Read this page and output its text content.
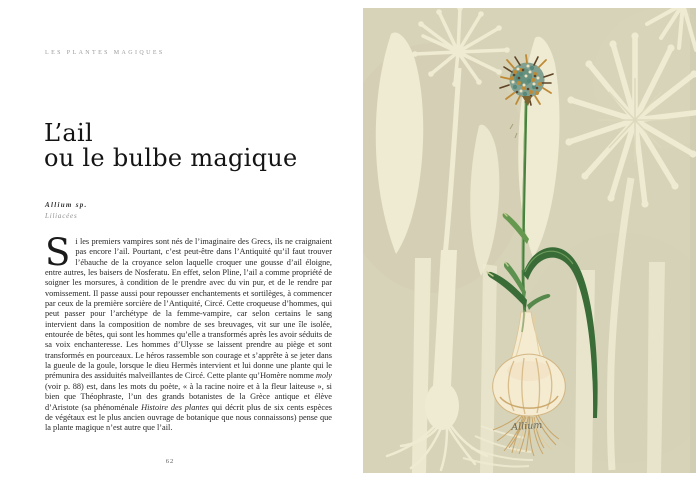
LES PLANTES MAGIQUES
L’ail
ou le bulbe magique
Allium sp.
Liliacées

Si les premiers vampires sont nés de l’imaginaire des Grecs, ils ne craignaient pas encore l’ail. Pourtant, c’est peut-être dans l’Antiquité qu’il faut trouver l’ébauche de la croyance selon laquelle croquer une gousse d’ail éloigne, entre autres, les baisers de Nosferatu. En effet, selon Pline, l’ail a comme propriété de soigner les morsures, à condition de le prendre avec du vin pur, et de le rendre par vomissement. Il passe aussi pour repousser enchantements et sortilèges, à commencer par ceux de la première sorcière de l’Antiquité, Circé. Cette croqueuse d’hommes, qui peut passer pour l’archétype de la femme-vampire, car selon certains le sang intervient dans la composition de nombre de ses breuvages, vit sur une île isolée, entourée de bêtes, qui sont les hommes qu’elle a transformés après les avoir séduits de sa voix enchanteresse. Les hommes d’Ulysse se laissent prendre au piège et sont transformés en pourceaux. Le héros rassemble son courage et s’apprête à se jeter dans la gueule de la goule, lorsque le dieu Hermès intervient et lui donne une plante qui le prémunira des assiduités malveillantes de Circé. Cette plante qu’Homère nomme moly (voir p. 88) est, dans les mots du poète, « à la racine noire et à la fleur laiteuse », si bien que Théophraste, l’un des grands botanistes de la Grèce antique et élève d’Aristote (sa phénoménale Histoire des plantes qui décrit plus de six cents espèces de végétaux est le plus ancien ouvrage de botanique que nous connaissons) pense que la plante magique n’est autre que l’ail.

62
Allium
